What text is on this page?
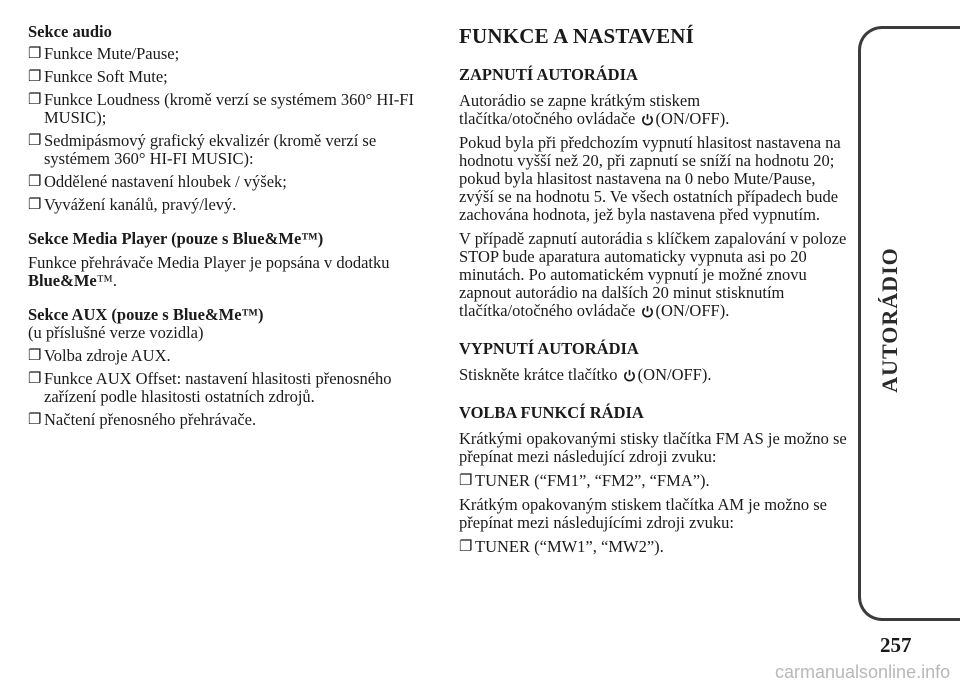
Sekce audio

❐ Funkce Mute/Pause;

❐ Funkce Soft Mute;

❐ Funkce Loudness (kromě verzí se systémem 360° HI-FI MUSIC);

❐ Sedmipásmový grafický ekvalizér (kromě verzí se systémem 360° HI-FI MUSIC):

❐ Oddělené nastavení hloubek / výšek;

❐ Vyvážení kanálů, pravý/levý.

Sekce Media Player (pouze s Blue&Me™)

Funkce přehrávače Media Player je popsána v dodatku
Blue&Me™.

Sekce AUX (pouze s Blue&Me™)

(u příslušné verze vozidla)

❐ Volba zdroje AUX.

❐ Funkce AUX Offset: nastavení hlasitosti přenosného zařízení podle hlasitosti ostatních zdrojů.

❐ Načtení přenosného přehrávače.

FUNKCE A NASTAVENÍ

ZAPNUTÍ AUTORÁDIA

Autorádio se zapne krátkým stiskem
tlačítka/otočného ovládače (ON/OFF).

Pokud byla při předchozím vypnutí hlasitost nastavena na hodnotu vyšší než 20, při zapnutí se sníží na hodnotu 20; pokud byla hlasitost nastavena na 0 nebo Mute/Pause, zvýší se na hodnotu 5. Ve všech ostatních případech bude zachována hodnota, jež byla nastavena před vypnutím.

V případě zapnutí autorádia s klíčkem zapalování v poloze STOP bude aparatura automaticky vypnuta asi po 20 minutách. Po automatickém vypnutí je možné znovu zapnout autorádio na dalších 20 minut stisknutím tlačítka/otočného ovládače (ON/OFF).

VYPNUTÍ AUTORÁDIA

Stiskněte krátce tlačítko (ON/OFF).

VOLBA FUNKCÍ RÁDIA

Krátkými opakovanými stisky tlačítka FM AS je možno se přepínat mezi následující zdroji zvuku:

❐ TUNER (“FM1”, “FM2”, “FMA”).

Krátkým opakovaným stiskem tlačítka AM je možno se přepínat mezi následujícími zdroji zvuku:

❐ TUNER (“MW1”, “MW2”).

AUTORÁDIO
257
carmanualsonline.info
